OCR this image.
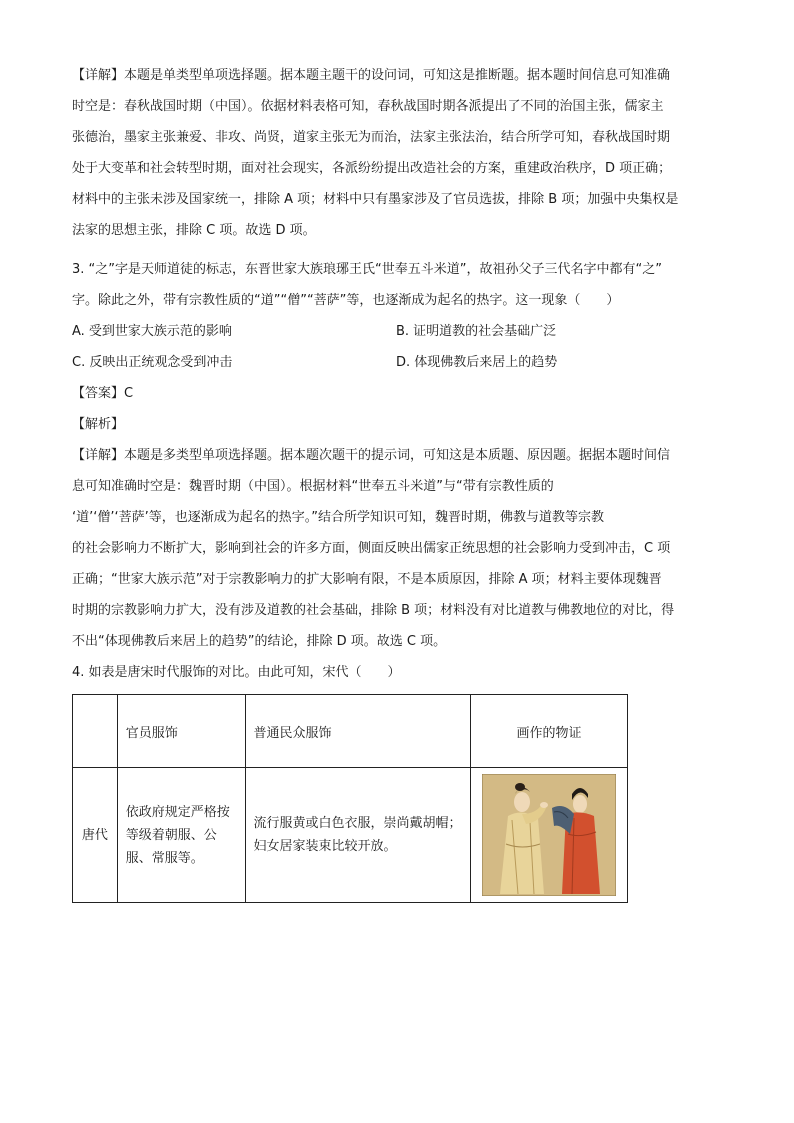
【详解】本题是单类型单项选择题。据本题主题干的设问词，可知这是推断题。据本题时间信息可知准确

时空是：春秋战国时期（中国）。依据材料表格可知，春秋战国时期各派提出了不同的治国主张，儒家主

张德治，墨家主张兼爱、非攻、尚贤，道家主张无为而治，法家主张法治，结合所学可知，春秋战国时期

处于大变革和社会转型时期，面对社会现实，各派纷纷提出改造社会的方案，重建政治秩序，D 项正确；

材料中的主张未涉及国家统一，排除 A 项；材料中只有墨家涉及了官员选拔，排除 B 项；加强中央集权是

法家的思想主张，排除 C 项。故选 D 项。

3. “之”字是天师道徒的标志，东晋世家大族琅琊王氏“世奉五斗米道”，故祖孙父子三代名字中都有“之”

字。除此之外，带有宗教性质的“道”“僧”“菩萨”等，也逐渐成为起名的热字。这一现象（　　）

A. 受到世家大族示范的影响	B. 证明道教的社会基础广泛
C. 反映出正统观念受到冲击	D. 体现佛教后来居上的趋势

【答案】C

【解析】

【详解】本题是多类型单项选择题。据本题次题干的提示词，可知这是本质题、原因题。据据本题时间信

息可知准确时空是：魏晋时期（中国）。根据材料“世奉五斗米道”与“带有宗教性质的

‘道’‘僧’‘菩萨’等，也逐渐成为起名的热字。”结合所学知识可知，魏晋时期，佛教与道教等宗教

的社会影响力不断扩大，影响到社会的许多方面，侧面反映出儒家正统思想的社会影响力受到冲击，C 项

正确；“世家大族示范”对于宗教影响力的扩大影响有限，不是本质原因，排除 A 项；材料主要体现魏晋

时期的宗教影响力扩大，没有涉及道教的社会基础，排除 B 项；材料没有对比道教与佛教地位的对比，得

不出“体现佛教后来居上的趋势”的结论，排除 D 项。故选 C 项。

4. 如表是唐宋时代服饰的对比。由此可知，宋代（　　）

	官员服饰	普通民众服饰	画作的物证
唐代	依政府规定严格按等级着朝服、公服、常服等。	流行服黄或白色衣服，崇尚戴胡帽；妇女居家装束比较开放。	
